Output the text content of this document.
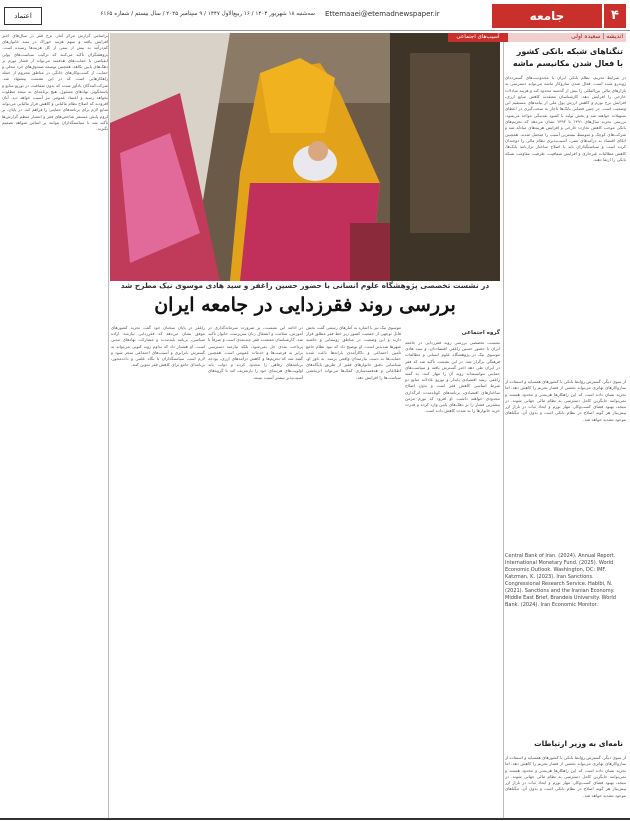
اعتماد	سه‌شنبه ۱۸ شهریور ۱۴۰۴ / ۱۶ ربیع‌الاول ۱۴۴۷ / ۹ سپتامبر ۲۰۲۵ / سال بیستم / شماره ۶۱۶۵ Ettemaaei@etemadnewspaper.ir	جامعه	۴
اندیشه | سعیده اولی
تنگناهای شبکه بانکی کشور با فعال شدن مکانیسم ماشه
در شرایط تحریم، نظام بانکی ایران با محدودیت‌های گسترده‌ای روبه‌رو شده است. فعال شدن سازوکار ماشه می‌تواند دسترسی به بازارهای مالی بین‌المللی را بیش از گذشته محدود کند و هزینه مبادلات خارجی را افزایش دهد. کارشناسان معتقدند کاهش منابع ارزی، افزایش نرخ تورم و کاهش ارزش پول ملی از پیامدهای مستقیم این وضعیت است. در چنین فضایی بانک‌ها ناچار به سخت‌گیری در اعطای تسهیلات خواهند شد و بخش تولید با کمبود نقدینگی مواجه می‌شود. بررسی تجربه سال‌های ۱۳۹۱ تا ۱۳۹۳ نشان می‌دهد که تحریم‌های بانکی موجب کاهش تجارت خارجی و افزایش هزینه‌های مبادله شد و شرکت‌های کوچک و متوسط بیشترین آسیب را متحمل شدند. همچنین اتکای اقتصاد به درآمدهای نفتی، آسیب‌پذیری نظام مالی را دوچندان کرده است و سیاستگذاران باید با اصلاح ساختار ترازنامه بانک‌ها، کاهش مطالبات غیرجاری و افزایش شفافیت، ظرفیت مقاومت شبکه بانکی را ارتقا دهند.
از سوی دیگر، گسترش روابط بانکی با کشورهای همسایه و استفاده از سازوکارهای تهاتری می‌تواند بخشی از فشار تحریم را کاهش دهد. اما تجربه نشان داده است که این راهکارها هزینه‌بر و محدود هستند و نمی‌توانند جایگزین کامل دسترسی به نظام مالی جهانی شوند. در نتیجه، بهبود فضای کسب‌وکار، مهار تورم و ایجاد ثبات در بازار ارز پیش‌نیاز هر گونه اصلاح در نظام بانکی است و بدون آن، تنگناهای موجود تشدید خواهد شد.
Central Bank of Iran. (2024). Annual Report. International Monetary Fund. (2025). World Economic Outlook. Washington, DC: IMF. Katzman, K. (2023). Iran Sanctions. Congressional Research Service. Habibi, N. (2021). Sanctions and the Iranian Economy. Middle East Brief, Brandeis University. World Bank. (2024). Iran Economic Monitor.
نامه‌ای به وزیر ارتباطات
از سوی دیگر، گسترش روابط بانکی با کشورهای همسایه و استفاده از سازوکارهای تهاتری می‌تواند بخشی از فشار تحریم را کاهش دهد. اما تجربه نشان داده است که این راهکارها هزینه‌بر و محدود هستند و نمی‌توانند جایگزین کامل دسترسی به نظام مالی جهانی شوند. در نتیجه، بهبود فضای کسب‌وکار، مهار تورم و ایجاد ثبات در بازار ارز پیش‌نیاز هر گونه اصلاح در نظام بانکی است و بدون آن، تنگناهای موجود تشدید خواهد شد.
آسیب‌های اجتماعی
در نشست تخصصی پژوهشگاه علوم انسانی با حضور حسین راغفر و سید هادی موسوی نیک مطرح شد
بررسی روند فقرزدایی در جامعه ایران
گروه اجتماعی
نشست تخصصی بررسی روند فقرزدایی در جامعه ایران با حضور حسین راغفر، اقتصاددان، و سید هادی موسوی نیک در پژوهشگاه علوم انسانی و مطالعات فرهنگی برگزار شد. در این نشست تأکید شد که فقر در ایران طی دهه اخیر گسترش یافته و سیاست‌های حمایتی نتوانسته‌اند روند آن را مهار کنند. به گفته راغفر، رشد اقتصادی پایدار و توزیع عادلانه منابع دو شرط اساسی کاهش فقر است و بدون اصلاح ساختارهای اقتصادی، برنامه‌های کوتاه‌مدت اثرگذاری محدودی خواهند داشت. او افزود که تورم مزمن بیشترین فشار را بر دهک‌های پایین وارد کرده و قدرت خرید خانوارها را به شدت کاهش داده است.
موسوی نیک نیز با اشاره به آمارهای رسمی گفت بخش قابل توجهی از جمعیت کشور زیر خط فقر مطلق قرار دارند و این وضعیت در مناطق روستایی و حاشیه شهرها شدیدتر است. او توضیح داد که نبود نظام جامع تأمین اجتماعی و ناکارآمدی یارانه‌ها باعث شده حمایت‌ها به دست نیازمندان واقعی نرسد. به باور او، شناسایی دقیق خانوارهای فقیر از طریق پایگاه‌های اطلاعاتی و هدفمندسازی کمک‌ها می‌تواند اثربخشی سیاست‌ها را افزایش دهد.
در ادامه این نشست، بر ضرورت سرمایه‌گذاری در آموزش، سلامت و اشتغال زنان سرپرست خانوار تأکید شد. کارشناسان معتقدند فقر چندبعدی است و صرفاً با پرداخت نقدی حل نمی‌شود، بلکه نیازمند دسترسی برابر به فرصت‌ها و خدمات عمومی است. همچنین گفته شد که تحریم‌ها و کاهش درآمدهای ارزی، بودجه برنامه‌های رفاهی را محدود کرده و دولت باید اولویت‌های هزینه‌ای خود را بازتعریف کند تا گروه‌های آسیب‌پذیر بیشتر آسیب نبینند.
راغفر در پایان سخنان خود گفت تجربه کشورهای موفق نشان می‌دهد که فقرزدایی نیازمند اراده سیاسی، برنامه بلندمدت و مشارکت نهادهای مدنی است. او هشدار داد که تداوم روند کنونی می‌تواند به گسترش نابرابری و آسیب‌های اجتماعی منجر شود و لازم است سیاستگذاران با نگاه علمی و داده‌محور، برنامه‌ای جامع برای کاهش فقر تدوین کنند.
براساس گزارش مرکز آمار، نرخ فقر در سال‌های اخیر افزایش یافته و سهم هزینه خوراک در سبد خانوارهای کم‌درآمد به بیش از نیمی از کل هزینه‌ها رسیده است. پژوهشگران تأکید می‌کنند که ترکیب سیاست‌های پولی انقباضی با حمایت‌های هدفمند می‌تواند از فشار تورم بر دهک‌های پایین بکاهد. همچنین توسعه صندوق‌های خرد محلی و حمایت از کسب‌وکارهای خانگی در مناطق محروم از جمله راهکارهایی است که در این نشست پیشنهاد شد. شرکت‌کنندگان یادآور شدند که بدون شفافیت در توزیع منابع و پاسخگویی نهادهای مسئول، هیچ برنامه‌ای به نتیجه مطلوب نخواهد رسید و اعتماد عمومی نیز آسیب خواهد دید. آنان افزودند که اصلاح نظام مالیاتی و کاهش فرار مالیاتی می‌تواند منابع لازم برای برنامه‌های حمایتی را فراهم کند. در پایان، بر لزوم پایش مستمر شاخص‌های فقر و انتشار منظم گزارش‌ها تأکید شد تا سیاستگذاران بتوانند بر اساس شواهد تصمیم بگیرند.
